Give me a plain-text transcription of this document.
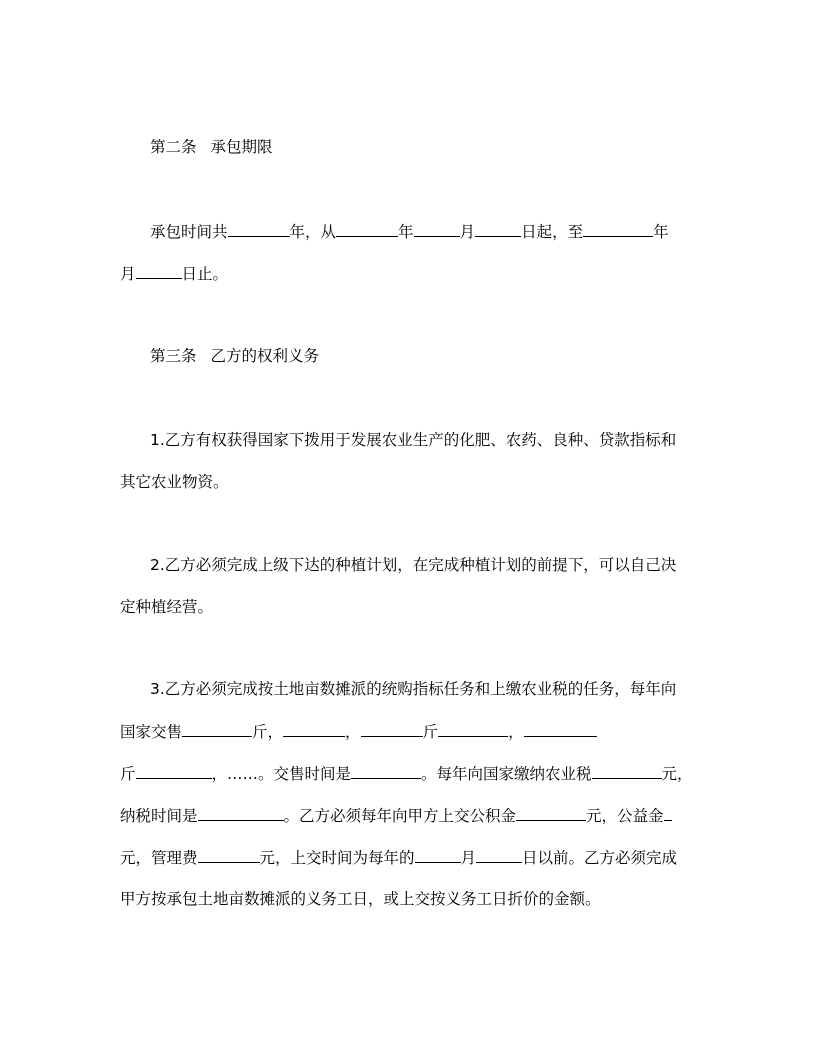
第二条 承包期限
承包时间共	年，从	年	月	日起，至	年
月	日止。
第三条 乙方的权利义务
1.乙方有权获得国家下拨用于发展农业生产的化肥、农药、良种、贷款指标和
其它农业物资。
2.乙方必须完成上级下达的种植计划，在完成种植计划的前提下，可以自己决
定种植经营。
3.乙方必须完成按土地亩数摊派的统购指标任务和上缴农业税的任务，每年向
国家交售	斤，	，	斤	，
斤	，……。交售时间是	。每年向国家缴纳农业税	元，
纳税时间是	。乙方必须每年向甲方上交公积金	元，公益金
元，管理费	元，上交时间为每年的	月	日以前。乙方必须完成
甲方按承包土地亩数摊派的义务工日，或上交按义务工日折价的金额。
